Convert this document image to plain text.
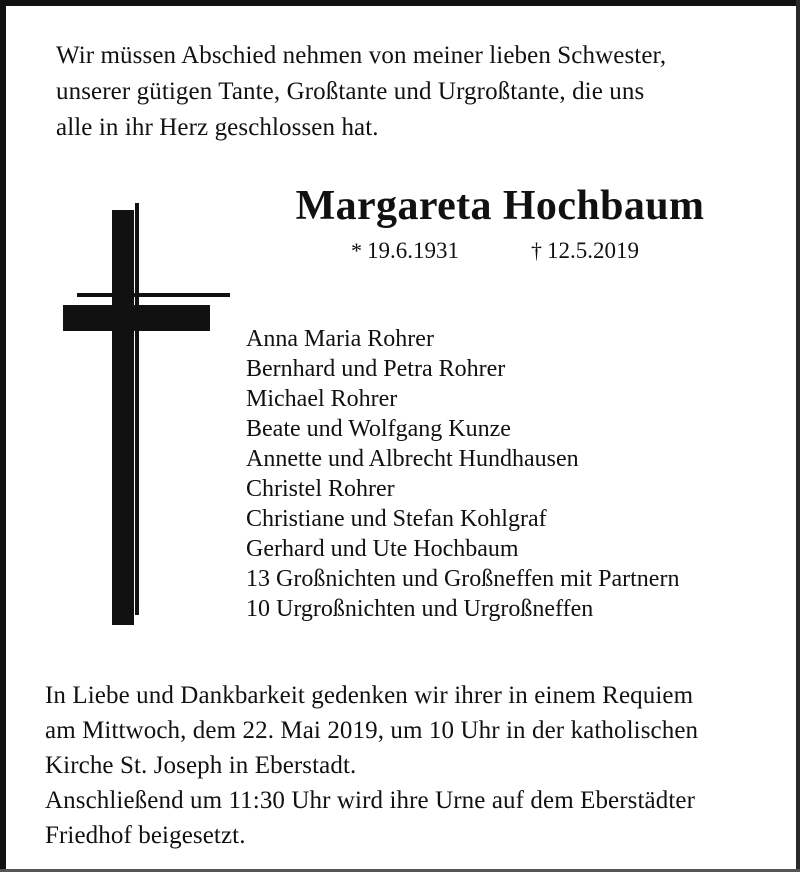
Wir müssen Abschied nehmen von meiner lieben Schwester,
unserer gütigen Tante, Großtante und Urgroßtante, die uns
alle in ihr Herz geschlossen hat.
Margareta Hochbaum
* 19.6.1931	† 12.5.2019
Anna Maria Rohrer
Bernhard und Petra Rohrer
Michael Rohrer
Beate und Wolfgang Kunze
Annette und Albrecht Hundhausen
Christel Rohrer
Christiane und Stefan Kohlgraf
Gerhard und Ute Hochbaum
13 Großnichten und Großneffen mit Partnern
10 Urgroßnichten und Urgroßneffen
In Liebe und Dankbarkeit gedenken wir ihrer in einem Requiem
am Mittwoch, dem 22. Mai 2019, um 10 Uhr in der katholischen
Kirche St. Joseph in Eberstadt.
Anschließend um 11:30 Uhr wird ihre Urne auf dem Eberstädter
Friedhof beigesetzt.
